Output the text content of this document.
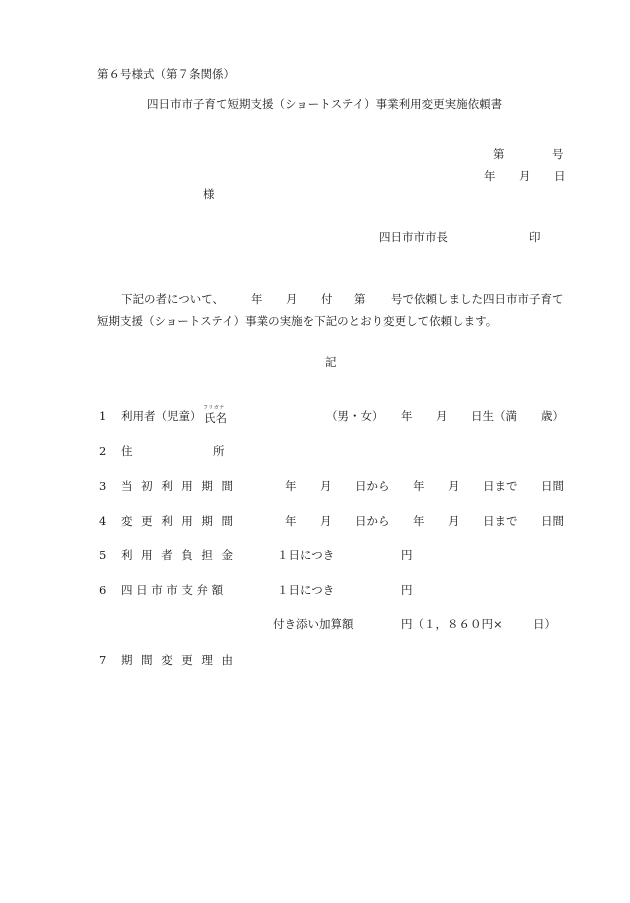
第６号様式（第７条関係）
四日市市子育て短期支援（ショートステイ）事業利用変更実施依頼書
第	号
年 月 日
様
四日市市市長	印
下記の者について、 年 月 付 第 号で依頼しました四日市市子育て
短期支援（ショートステイ）事業の実施を下記のとおり変更して依頼します。
記
1 利用者（児童）
フリガナ
氏名	（男・女） 年 月 日生（満 歳）
2 住	所
3 当初利用期間	年 月 日から 年 月 日まで 日間
4 変更利用期間	年 月 日から 年 月 日まで 日間
5 利用者負担金	１日につき	円
6 四日市市支弁額	１日につき	円
付き添い加算額	円（１，８６０円×	日）
7 期間変更理由
